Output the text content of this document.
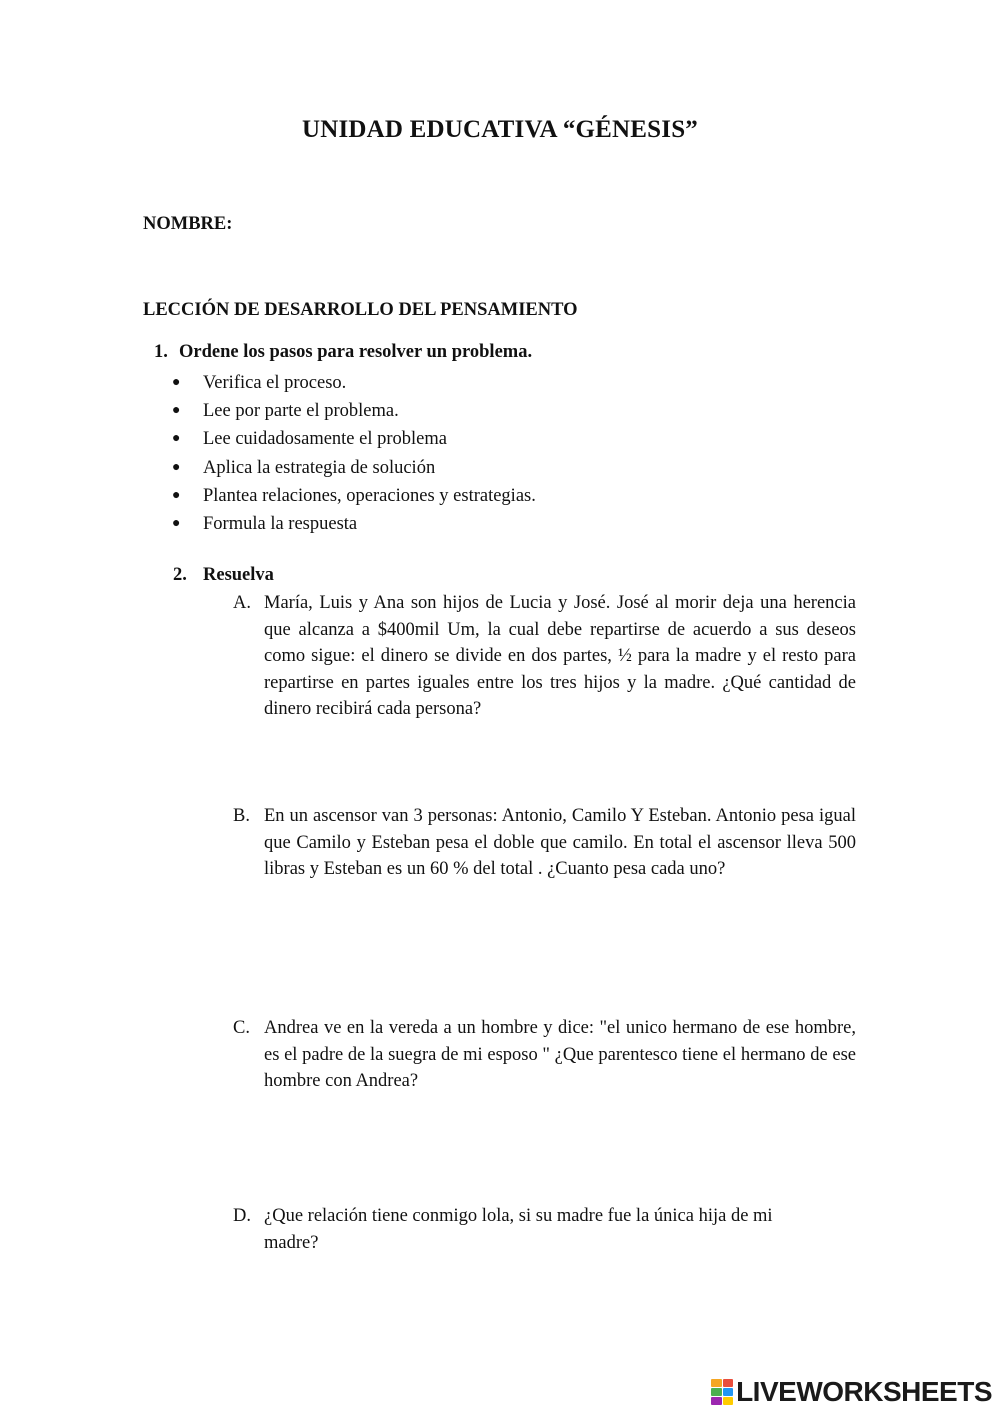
UNIDAD EDUCATIVA “GÉNESIS”
NOMBRE:
LECCIÓN DE DESARROLLO DEL PENSAMIENTO
1. Ordene los pasos para resolver un problema.
●	Verifica el proceso.
●	Lee por parte el problema.
●	Lee cuidadosamente el problema
●	Aplica la estrategia de solución
●	Plantea relaciones, operaciones y estrategias.
●	Formula la respuesta
2. Resuelva
A. María, Luis y Ana son hijos de Lucia y José. José al morir deja una herencia que alcanza a $400mil Um, la cual debe repartirse de acuerdo a sus deseos como sigue: el dinero se divide en dos partes, ½ para la madre y el resto para repartirse en partes iguales entre los tres hijos y la madre. ¿Qué cantidad de dinero recibirá cada persona?
B. En un ascensor van 3 personas: Antonio, Camilo Y Esteban. Antonio pesa igual que Camilo y Esteban pesa el doble que camilo. En total el ascensor lleva 500 libras y Esteban es un 60 % del total . ¿Cuanto pesa cada uno?
C. Andrea ve en la vereda a un hombre y dice: "el unico hermano de ese hombre, es el padre de la suegra de mi esposo " ¿Que parentesco tiene el hermano de ese hombre con Andrea?
D. ¿Que relación tiene conmigo lola, si su madre fue la única hija de mi madre?
LIVEWORKSHEETS
